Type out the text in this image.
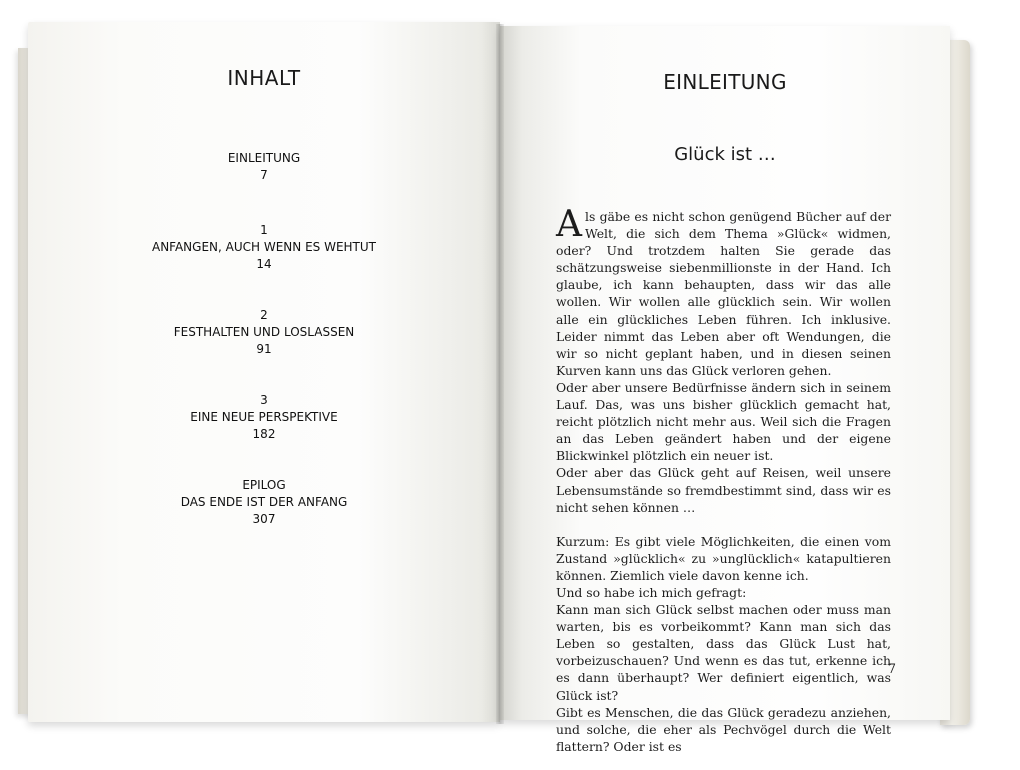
INHALT
EINLEITUNG
7
1
ANFANGEN, AUCH WENN ES WEHTUT
14
2
FESTHALTEN UND LOSLASSEN
91
3
EINE NEUE PERSPEKTIVE
182
EPILOG
DAS ENDE IST DER ANFANG
307
EINLEITUNG
Glück ist …

Als gäbe es nicht schon genügend Bücher auf der Welt, die sich dem Thema »Glück« widmen, oder? Und trotzdem halten Sie gerade das schätzungsweise siebenmillionste in der Hand. Ich glaube, ich kann behaupten, dass wir das alle wollen. Wir wollen alle glücklich sein. Wir wollen alle ein glückliches Leben führen. Ich inklusive. Leider nimmt das Leben aber oft Wendungen, die wir so nicht geplant haben, und in diesen seinen Kurven kann uns das Glück verloren gehen.

Oder aber unsere Bedürfnisse ändern sich in seinem Lauf. Das, was uns bisher glücklich gemacht hat, reicht plötzlich nicht mehr aus. Weil sich die Fragen an das Leben geändert haben und der eigene Blickwinkel plötzlich ein neuer ist.

Oder aber das Glück geht auf Reisen, weil unsere Lebensumstände so fremdbestimmt sind, dass wir es nicht sehen können …

Kurzum: Es gibt viele Möglichkeiten, die einen vom Zustand »glücklich« zu »unglücklich« katapultieren können. Ziemlich viele davon kenne ich.

Und so habe ich mich gefragt:

Kann man sich Glück selbst machen oder muss man warten, bis es vorbeikommt? Kann man sich das Leben so gestalten, dass das Glück Lust hat, vorbeizuschauen? Und wenn es das tut, erkenne ich es dann überhaupt? Wer definiert eigentlich, was Glück ist?

Gibt es Menschen, die das Glück geradezu anziehen, und solche, die eher als Pechvögel durch die Welt flattern? Oder ist es

7
